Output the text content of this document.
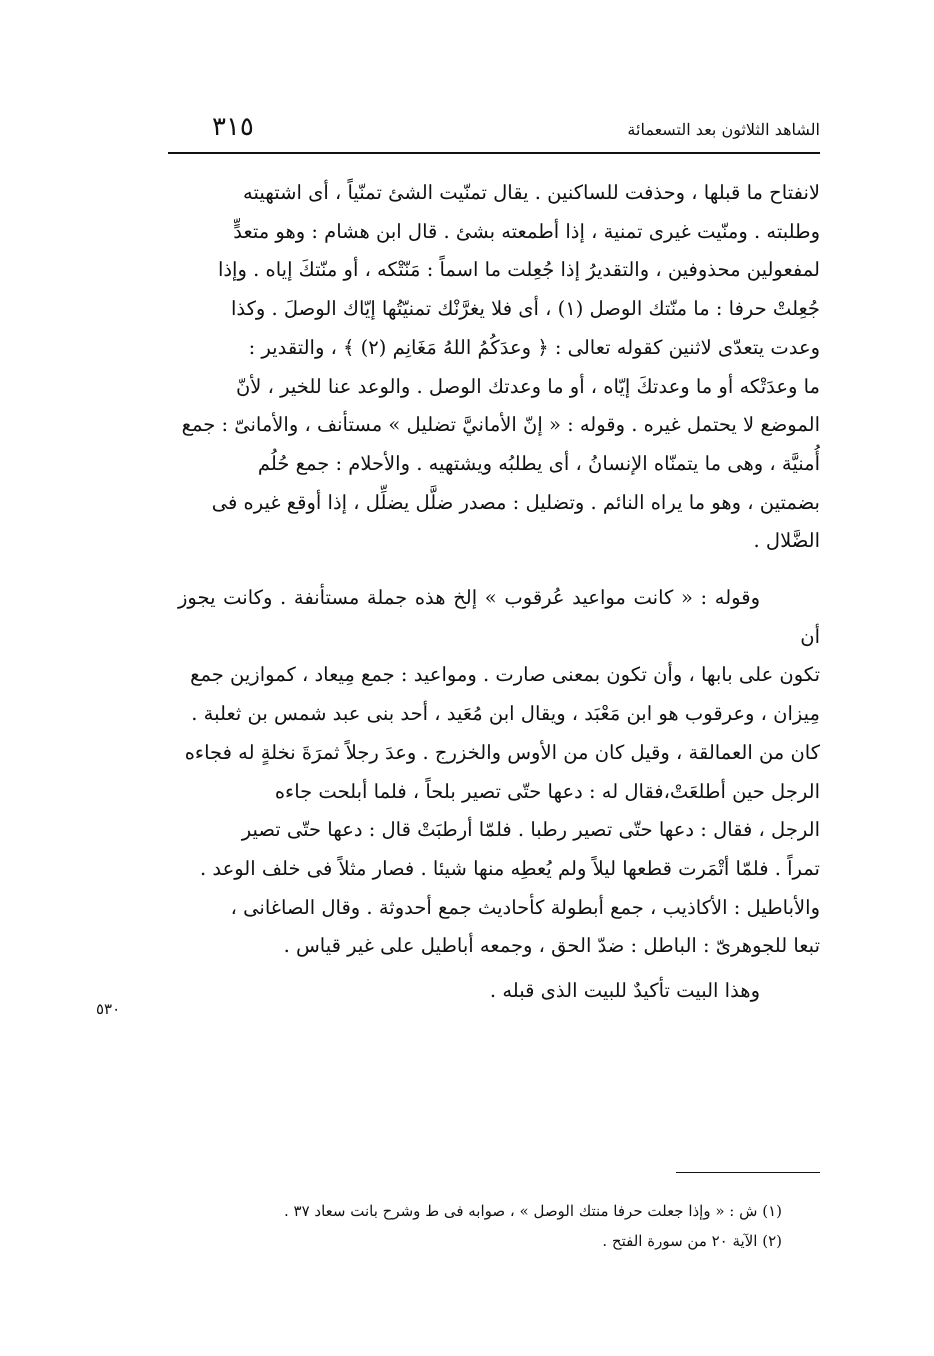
الشاهد الثلاثون بعد التسعمائة
٣١٥

لانفتاح ما قبلها ، وحذفت للساكنين . يقال تمنّيت الشئ تمنّياً ، أى اشتهيته

وطلبته . ومنّيت غيرى تمنية ، إذا أطمعته بشئ . قال ابن هشام : وهو متعدٍّ

لمفعولين محذوفين ، والتقديرُ إذا جُعِلت ما اسماً : مَنّتْكه ، أو منّتكَ إياه . وإذا

جُعِلتْ حرفا : ما منّتك الوصل (١) ، أى فلا يغرَّنْك تمنيّتُها إيّاك الوصلَ . وكذا

وعدت يتعدّى لاثنين كقوله تعالى : ﴿ وعدَكُمُ اللهُ مَغَانِم (٢) ﴾ ، والتقدير :

ما وعدَتْكه أو ما وعدتكَ إيّاه ، أو ما وعدتك الوصل . والوعد عنا للخير ، لأنّ

الموضع لا يحتمل غيره . وقوله : « إنّ الأمانيَّ تضليل » مستأنف ، والأمانىّ : جمع

أُمنيَّة ، وهى ما يتمنّاه الإنسانُ ، أى يطلبُه ويشتهيه . والأحلام : جمع حُلُم

بضمتين ، وهو ما يراه النائم . وتضليل : مصدر ضلَّل يضلِّل ، إذا أوقع غيره فى

الضَّلال .

وقوله : « كانت مواعيد عُرقوب » إلخ هذه جملة مستأنفة . وكانت يجوز أن

تكون على بابها ، وأن تكون بمعنى صارت . ومواعيد : جمع مِيعاد ، كموازين جمع

مِيزان ، وعرقوب هو ابن مَعْبَد ، ويقال ابن مُعَيد ، أحد بنى عبد شمس بن ثعلبة .

كان من العمالقة ، وقيل كان من الأوس والخزرج . وعدَ رجلاً ثمرَةَ نخلةٍ له فجاءه

الرجل حين أطلعَتْ،فقال له : دعها حتّى تصير بلحاً ، فلما أبلحت جاءه

الرجل ، فقال : دعها حتّى تصير رطبا . فلمّا أرطبَتْ قال : دعها حتّى تصير

تمراً . فلمّا أتْمَرت قطعها ليلاً ولم يُعطِه منها شيئا . فصار مثلاً فى خلف الوعد .

والأباطيل : الأكاذيب ، جمع أبطولة كأحاديث جمع أحدوثة . وقال الصاغانى ،

تبعا للجوهرىّ : الباطل : ضدّ الحق ، وجمعه أباطيل على غير قياس .

وهذا البيت تأكيدٌ للبيت الذى قبله .

٥٣٠
(١) ش : « وإذا جعلت حرفا منتك الوصل » ، صوابه فى ط وشرح بانت سعاد ٣٧ .
(٢) الآية ٢٠ من سورة الفتح .
